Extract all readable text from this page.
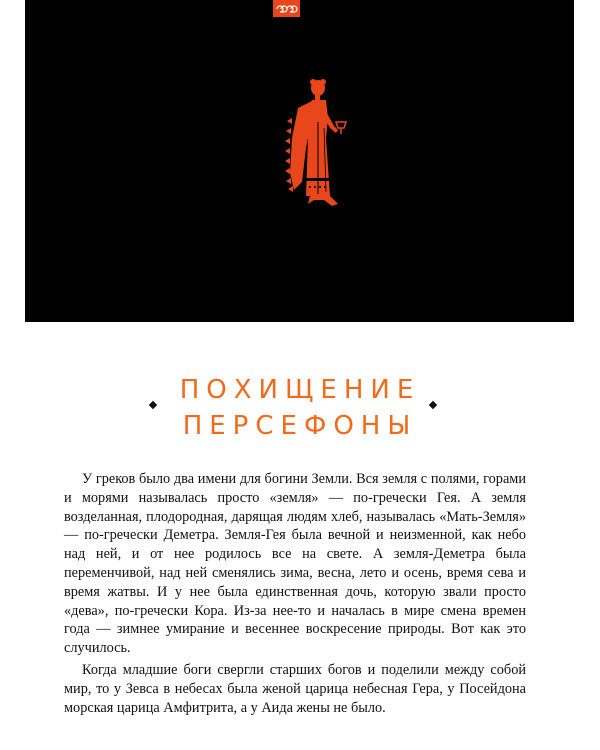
ПОХИЩЕНИЕ
ПЕРСЕФОНЫ

У греков было два имени для богини Земли. Вся земля с полями, горами и морями называлась просто «земля» — по-гречески Гея. А земля возделанная, плодородная, дарящая людям хлеб, называлась «Мать-Земля» — по-гречески Деметра. Земля-Гея была вечной и неизменной, как небо над ней, и от нее родилось все на свете. А земля-Деметра была переменчивой, над ней сменялись зима, весна, лето и осень, время сева и время жатвы. И у нее была единственная дочь, которую звали просто «дева», по-гречески Кора. Из-за нее-то и началась в мире смена времен года — зимнее умирание и весеннее воскресение природы. Вот как это случилось.

Когда младшие боги свергли старших богов и поделили между собой мир, то у Зевса в небесах была женой царица небесная Гера, у Посейдона морская царица Амфитрита, а у Аида жены не было.
